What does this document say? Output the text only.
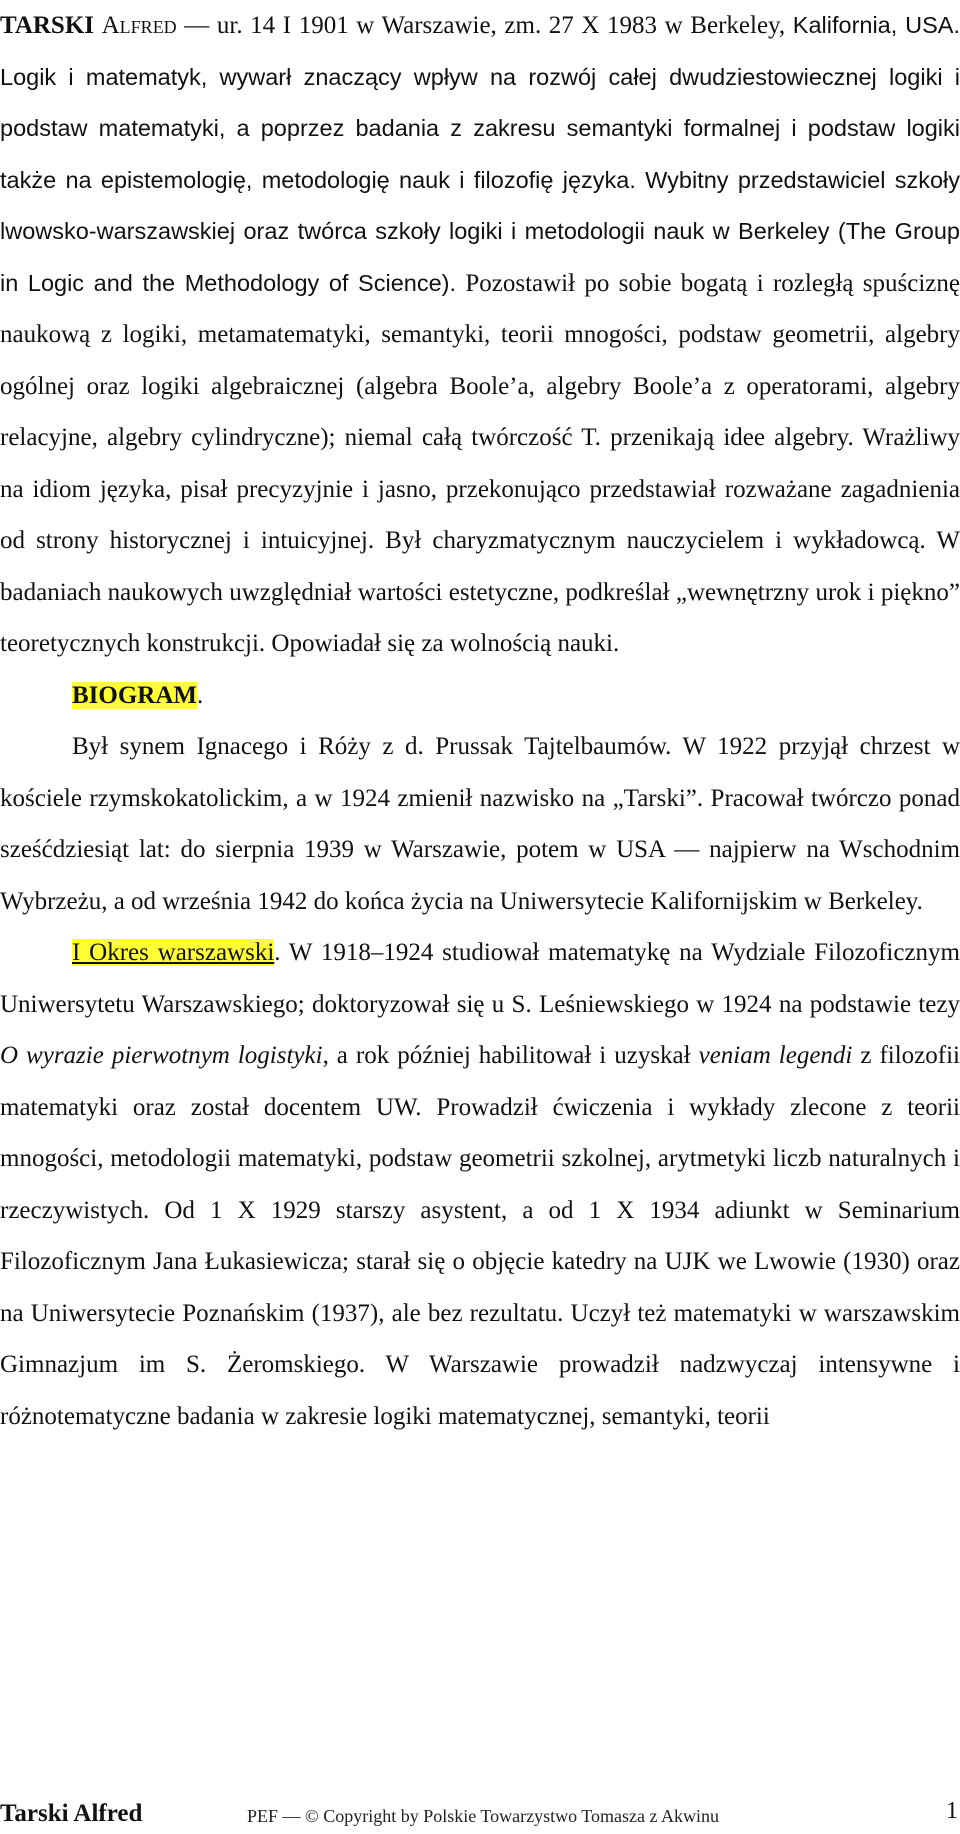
TARSKI Alfred — ur. 14 I 1901 w Warszawie, zm. 27 X 1983 w Berkeley, Kalifornia, USA. Logik i matematyk, wywarł znaczący wpływ na rozwój całej dwudziestowiecznej logiki i podstaw matematyki, a poprzez badania z zakresu semantyki formalnej i podstaw logiki także na epistemologię, metodologię nauk i filozofię języka. Wybitny przedstawiciel szkoły lwowsko-warszawskiej oraz twórca szkoły logiki i metodologii nauk w Berkeley (The Group in Logic and the Methodology of Science). Pozostawił po sobie bogatą i rozległą spuściznę naukową z logiki, metamatematyki, semantyki, teorii mnogości, podstaw geometrii, algebry ogólnej oraz logiki algebraicznej (algebra Boole’a, algebry Boole’a z operatorami, algebry relacyjne, algebry cylindryczne); niemal całą twórczość T. przenikają idee algebry. Wrażliwy na idiom języka, pisał precyzyjnie i jasno, przekonująco przedstawiał rozważane zagadnienia od strony historycznej i intuicyjnej. Był charyzmatycznym nauczycielem i wykładowcą. W badaniach naukowych uwzględniał wartości estetyczne, podkreślał „wewnętrzny urok i piękno” teoretycznych konstrukcji. Opowiadał się za wolnością nauki.

BIOGRAM.

Był synem Ignacego i Róży z d. Prussak Tajtelbaumów. W 1922 przyjął chrzest w kościele rzymskokatolickim, a w 1924 zmienił nazwisko na „Tarski”. Pracował twórczo ponad sześćdziesiąt lat: do sierpnia 1939 w Warszawie, potem w USA — najpierw na Wschodnim Wybrzeżu, a od września 1942 do końca życia na Uniwersytecie Kalifornijskim w Berkeley.

I Okres warszawski. W 1918–1924 studiował matematykę na Wydziale Filozoficznym Uniwersytetu Warszawskiego; doktoryzował się u S. Leśniewskiego w 1924 na podstawie tezy O wyrazie pierwotnym logistyki, a rok później habilitował i uzyskał veniam legendi z filozofii matematyki oraz został docentem UW. Prowadził ćwiczenia i wykłady zlecone z teorii mnogości, metodologii matematyki, podstaw geometrii szkolnej, arytmetyki liczb naturalnych i rzeczywistych. Od 1 X 1929 starszy asystent, a od 1 X 1934 adiunkt w Seminarium Filozoficznym Jana Łukasiewicza; starał się o objęcie katedry na UJK we Lwowie (1930) oraz na Uniwersytecie Poznańskim (1937), ale bez rezultatu. Uczył też matematyki w warszawskim Gimnazjum im S. Żeromskiego. W Warszawie prowadził nadzwyczaj intensywne i różnotematyczne badania w zakresie logiki matematycznej, semantyki, teorii

Tarski Alfred	PEF — © Copyright by Polskie Towarzystwo Tomasza z Akwinu	1
